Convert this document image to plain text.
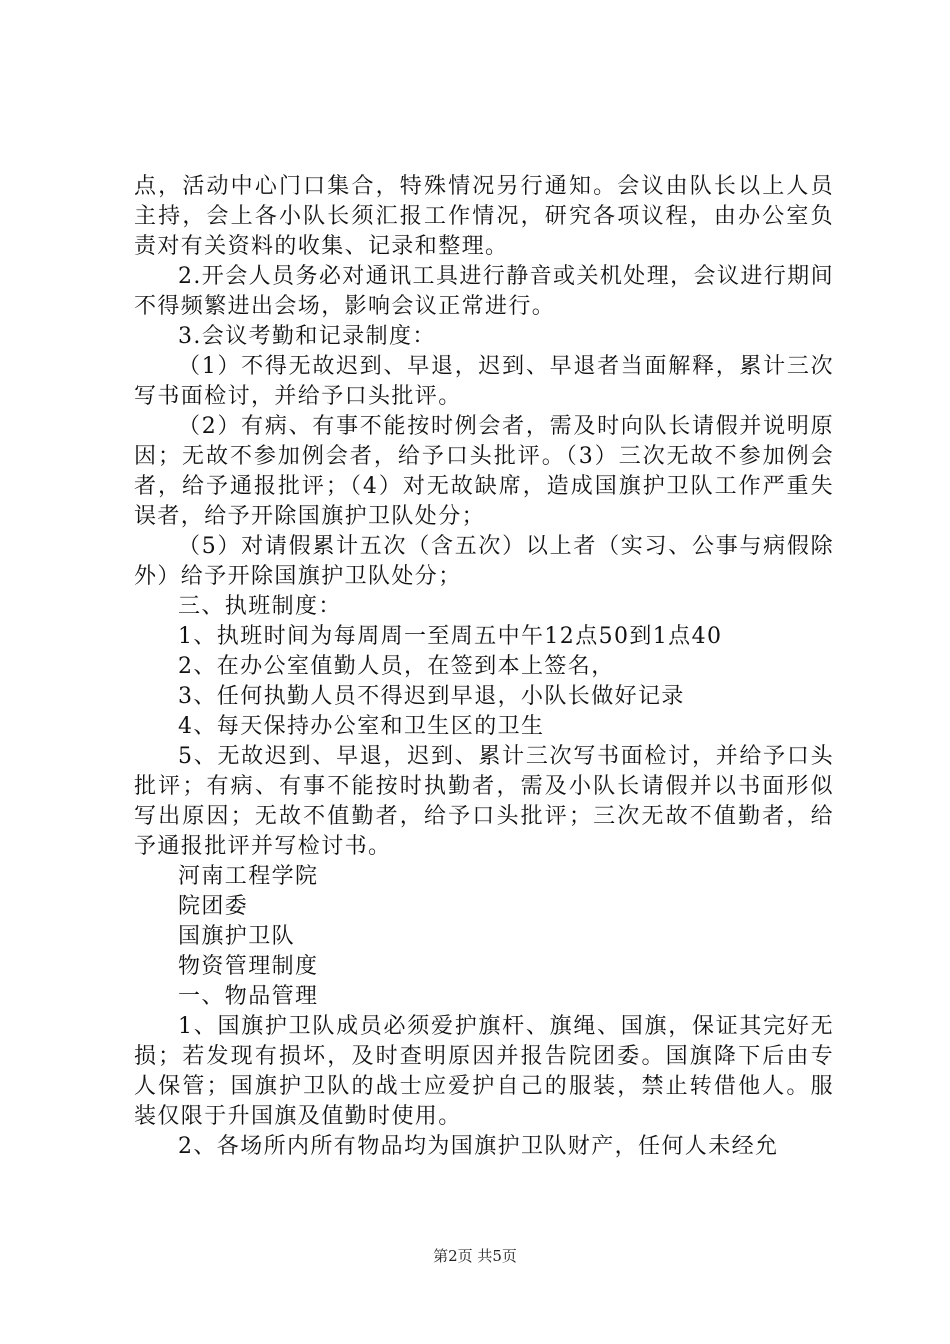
点，活动中心门口集合，特殊情况另行通知。会议由队长以上人员主持，会上各小队长须汇报工作情况，研究各项议程，由办公室负责对有关资料的收集、记录和整理。

2.开会人员务必对通讯工具进行静音或关机处理，会议进行期间不得频繁进出会场，影响会议正常进行。

3.会议考勤和记录制度：

（1）不得无故迟到、早退，迟到、早退者当面解释，累计三次写书面检讨，并给予口头批评。

（2）有病、有事不能按时例会者，需及时向队长请假并说明原因；无故不参加例会者，给予口头批评。（3）三次无故不参加例会者，给予通报批评；（4）对无故缺席，造成国旗护卫队工作严重失误者，给予开除国旗护卫队处分；

（5）对请假累计五次（含五次）以上者（实习、公事与病假除外）给予开除国旗护卫队处分；

三、执班制度：

1、执班时间为每周周一至周五中午12点50到1点40

2、在办公室值勤人员，在签到本上签名，

3、任何执勤人员不得迟到早退，小队长做好记录

4、每天保持办公室和卫生区的卫生

5、无故迟到、早退，迟到、累计三次写书面检讨，并给予口头批评；有病、有事不能按时执勤者，需及小队长请假并以书面形似写出原因；无故不值勤者，给予口头批评；三次无故不值勤者，给予通报批评并写检讨书。

河南工程学院

院团委

国旗护卫队

物资管理制度

一、物品管理

1、国旗护卫队成员必须爱护旗杆、旗绳、国旗，保证其完好无损；若发现有损坏，及时查明原因并报告院团委。国旗降下后由专人保管；国旗护卫队的战士应爱护自己的服装，禁止转借他人。服装仅限于升国旗及值勤时使用。

2、各场所内所有物品均为国旗护卫队财产，任何人未经允

第2页 共5页
